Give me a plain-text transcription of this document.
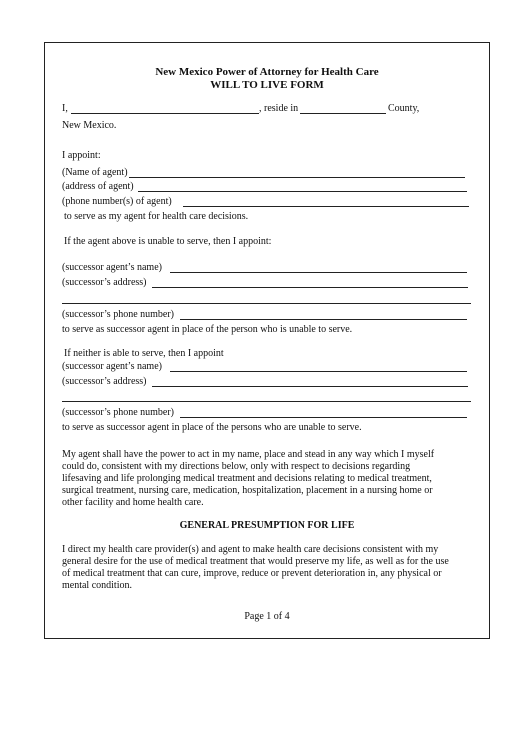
New Mexico Power of Attorney for Health Care
WILL TO LIVE FORM
I,	, reside in	County,
New Mexico.
I appoint:
(Name of agent)
(address of agent)
(phone number(s) of agent)
to serve as my agent for health care decisions.
If the agent above is unable to serve, then I appoint:
(successor agent’s name)
(successor’s address)
(successor’s phone number)
to serve as successor agent in place of the person who is unable to serve.
If neither is able to serve, then I appoint
(successor agent’s name)
(successor’s address)
(successor’s phone number)
to serve as successor agent in place of the persons who are unable to serve.
My agent shall have the power to act in my name, place and stead in any way which I myself
could do, consistent with my directions below, only with respect to decisions regarding
lifesaving and life prolonging medical treatment and decisions relating to medical treatment,
surgical treatment, nursing care, medication, hospitalization, placement in a nursing home or
other facility and home health care.
GENERAL PRESUMPTION FOR LIFE
I direct my health care provider(s) and agent to make health care decisions consistent with my
general desire for the use of medical treatment that would preserve my life, as well as for the use
of medical treatment that can cure, improve, reduce or prevent deterioration in, any physical or
mental condition.
Page 1 of 4
